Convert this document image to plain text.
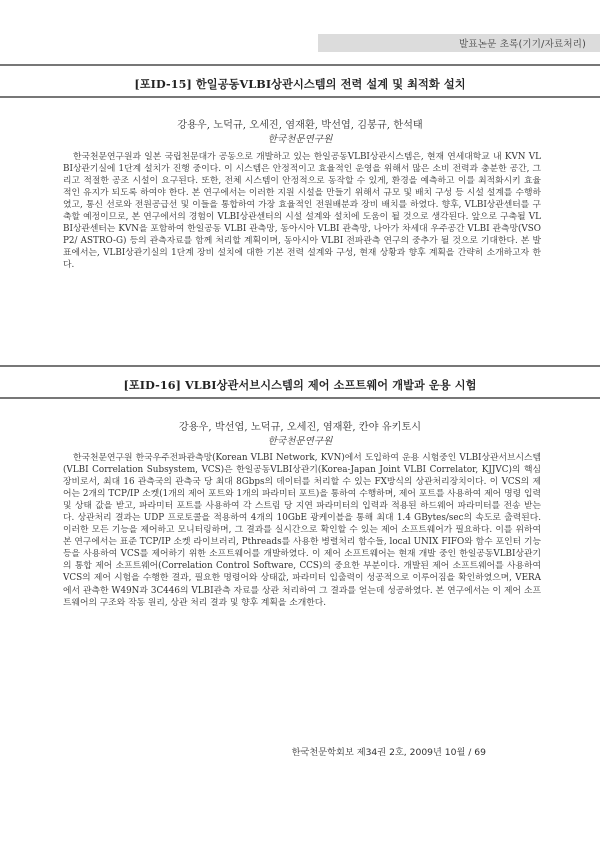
발표논문 초록(기기/자료처리)
[포ID-15] 한일공동VLBI상관시스템의 전력 설계 및 최적화 설치
강용우, 노덕규, 오세진, 염재환, 박선엽, 김봉규, 한석태
한국천문연구원
한국천문연구원과 일본 국립천문대가 공동으로 개발하고 있는 한일공동VLBI상관시스템은, 현재 연세대학교 내 KVN VLBI상관기실에 1단계 설치가 진행 중이다. 이 시스템은 안정적이고 효율적인 운영을 위해서 많은 소비 전력과 충분한 공간, 그리고 적절한 공조 시설이 요구된다. 또한, 전체 시스템이 안정적으로 동작할 수 있게, 환경을 예측하고 이를 최적화시키 효율적인 유지가 되도록 하여야 한다. 본 연구에서는 이러한 지원 시설을 만들기 위해서 규모 및 배치 구성 등 시설 설계를 수행하였고, 통신 선로와 전원공급선 및 이들을 통합하여 가장 효율적인 전원배분과 장비 배치를 하였다. 향후, VLBI상관센터를 구축할 예정이므로, 본 연구에서의 경험이 VLBI상관센터의 시설 설계와 설치에 도움이 될 것으로 생각된다. 앞으로 구축될 VLBI상관센터는 KVN을 포함하여 한일공동 VLBI 관측망, 동아시아 VLBI 관측망, 나아가 차세대 우주공간 VLBI 관측망(VSOP2/ ASTRO-G) 등의 관측자료를 함께 처리할 계획이며, 동아시아 VLBI 전파관측 연구의 중추가 될 것으로 기대한다. 본 발표에서는, VLBI상관기실의 1단계 장비 설치에 대한 기본 전력 설계와 구성, 현재 상황과 향후 계획을 간략히 소개하고자 한다.
[포ID-16] VLBI상관서브시스템의 제어 소프트웨어 개발과 운용 시험
강용우, 박선엽, 노덕규, 오세진, 염재환, 칸야 유키토시
한국천문연구원
한국천문연구원 한국우주전파관측망(Korean VLBI Network, KVN)에서 도입하여 운용 시험중인 VLBI상관서브시스템(VLBI Correlation Subsystem, VCS)은 한일공동VLBI상관기(Korea-Japan Joint VLBI Correlator, KJJVC)의 핵심 장비로서, 최대 16 관측국의 관측국 당 최대 8Gbps의 데이터를 처리할 수 있는 FX방식의 상관처리장치이다. 이 VCS의 제어는 2개의 TCP/IP 소켓(1개의 제어 포트와 1개의 파라미터 포트)을 통하여 수행하며, 제어 포트를 사용하여 제어 명령 입력 및 상태 값을 받고, 파라미터 포트를 사용하여 각 스트림 당 지연 파라미터의 입력과 적용된 하드웨어 파라미터를 전송 받는다. 상관처리 결과는 UDP 프로토콜을 적용하여 4개의 10GbE 광케이블을 통해 최대 1.4 GBytes/sec의 속도로 출력된다. 이러한 모든 기능을 제어하고 모니터링하며, 그 결과를 실시간으로 확인할 수 있는 제어 소프트웨어가 필요하다. 이를 위하여 본 연구에서는 표준 TCP/IP 소켓 라이브러리, Pthreads를 사용한 병렬처리 함수들, local UNIX FIFO와 함수 포인터 기능 등을 사용하여 VCS를 제어하기 위한 소프트웨어를 개발하였다. 이 제어 소프트웨어는 현재 개발 중인 한일공동VLBI상관기의 통합 제어 소프트웨어(Correlation Control Software, CCS)의 중요한 부분이다. 개발된 제어 소프트웨어를 사용하여 VCS의 제어 시험을 수행한 결과, 필요한 명령어와 상태값, 파라미터 입출력이 성공적으로 이루어짐을 확인하였으며, VERA에서 관측한 W49N과 3C446의 VLBI관측 자료를 상관 처리하여 그 결과를 얻는데 성공하였다. 본 연구에서는 이 제어 소프트웨어의 구조와 작동 원리, 상관 처리 결과 및 향후 계획을 소개한다.
한국천문학회보 제34권 2호, 2009년 10월 / 69
